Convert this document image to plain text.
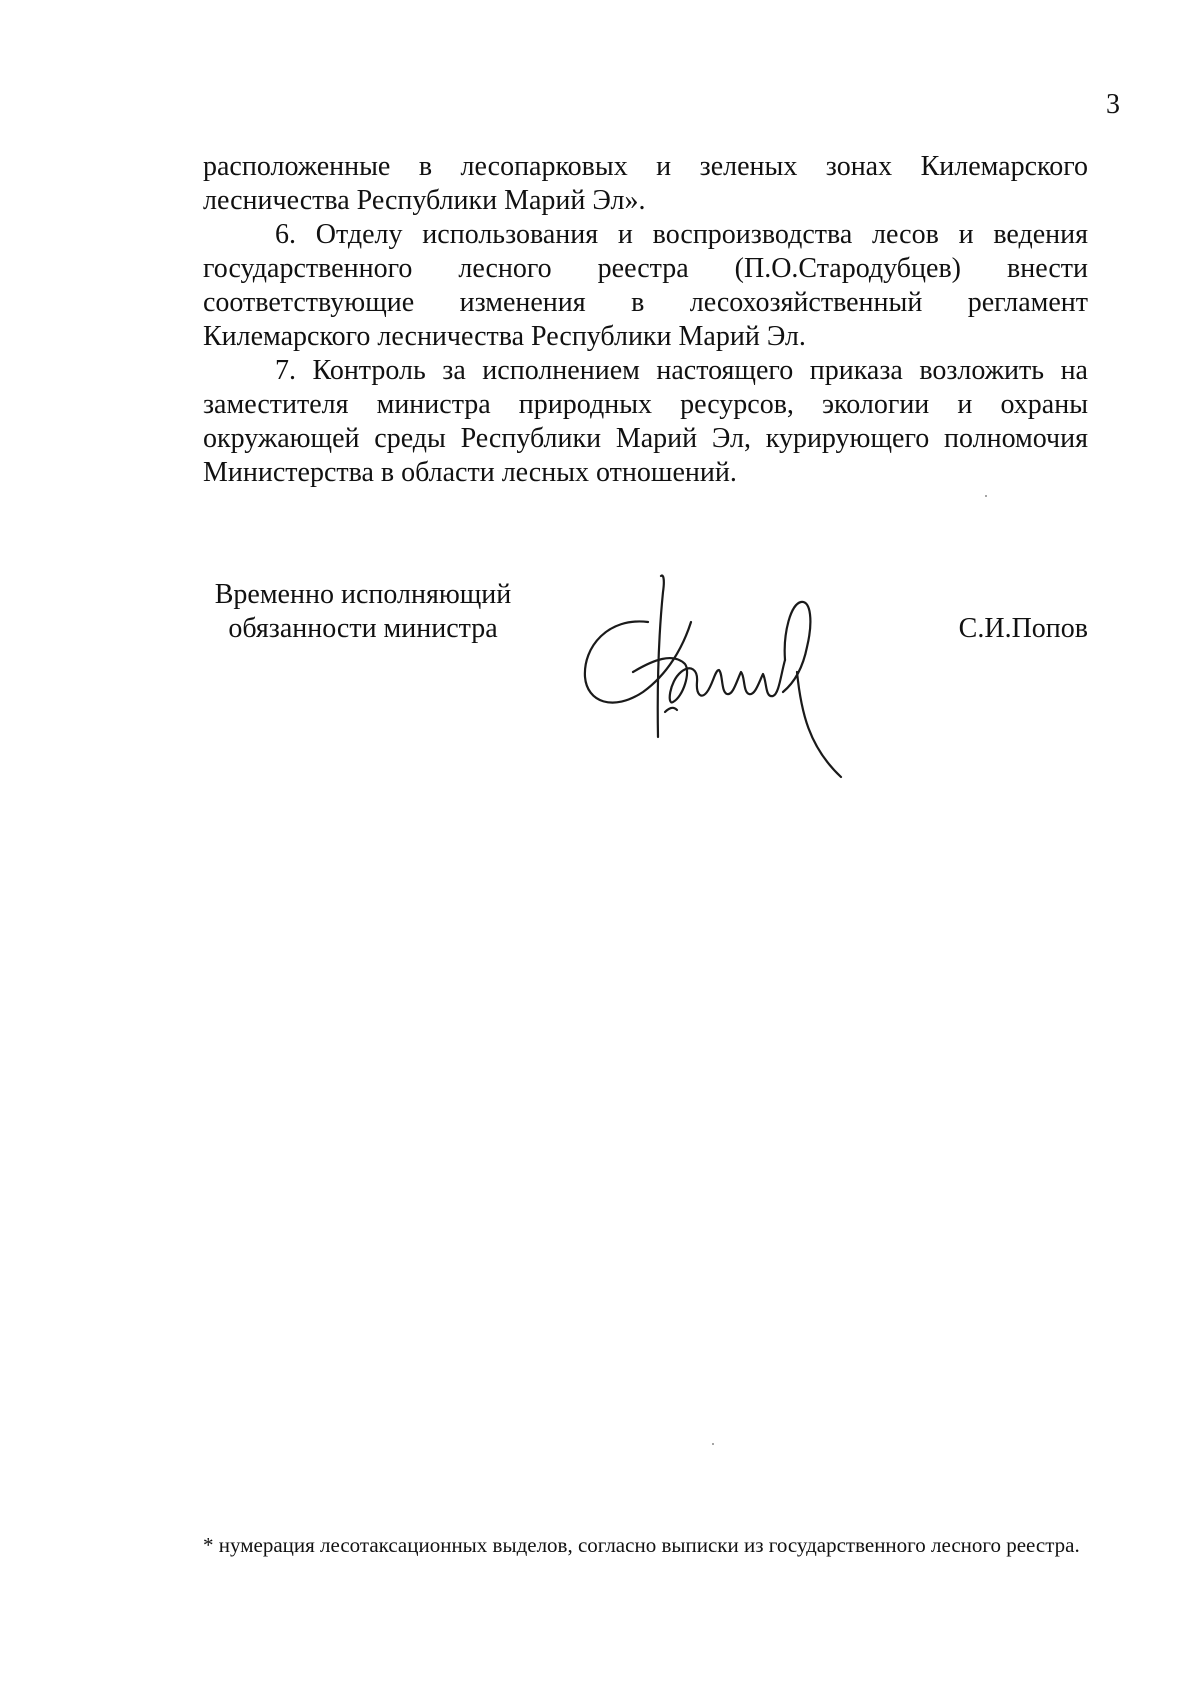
3

расположенные в лесопарковых и зеленых зонах Килемарского лесничества Республики Марий Эл».

6. Отделу использования и воспроизводства лесов и ведения государственного лесного реестра (П.О.Стародубцев) внести соответствующие изменения в лесохозяйственный регламент Килемарского лесничества Республики Марий Эл.

7. Контроль за исполнением настоящего приказа возложить на заместителя министра природных ресурсов, экологии и охраны окружающей среды Республики Марий Эл, курирующего полномочия Министерства в области лесных отношений.

Временно исполняющий
обязанности министра	С.И.Попов
* нумерация лесотаксационных выделов, согласно выписки из государственного лесного реестра.
